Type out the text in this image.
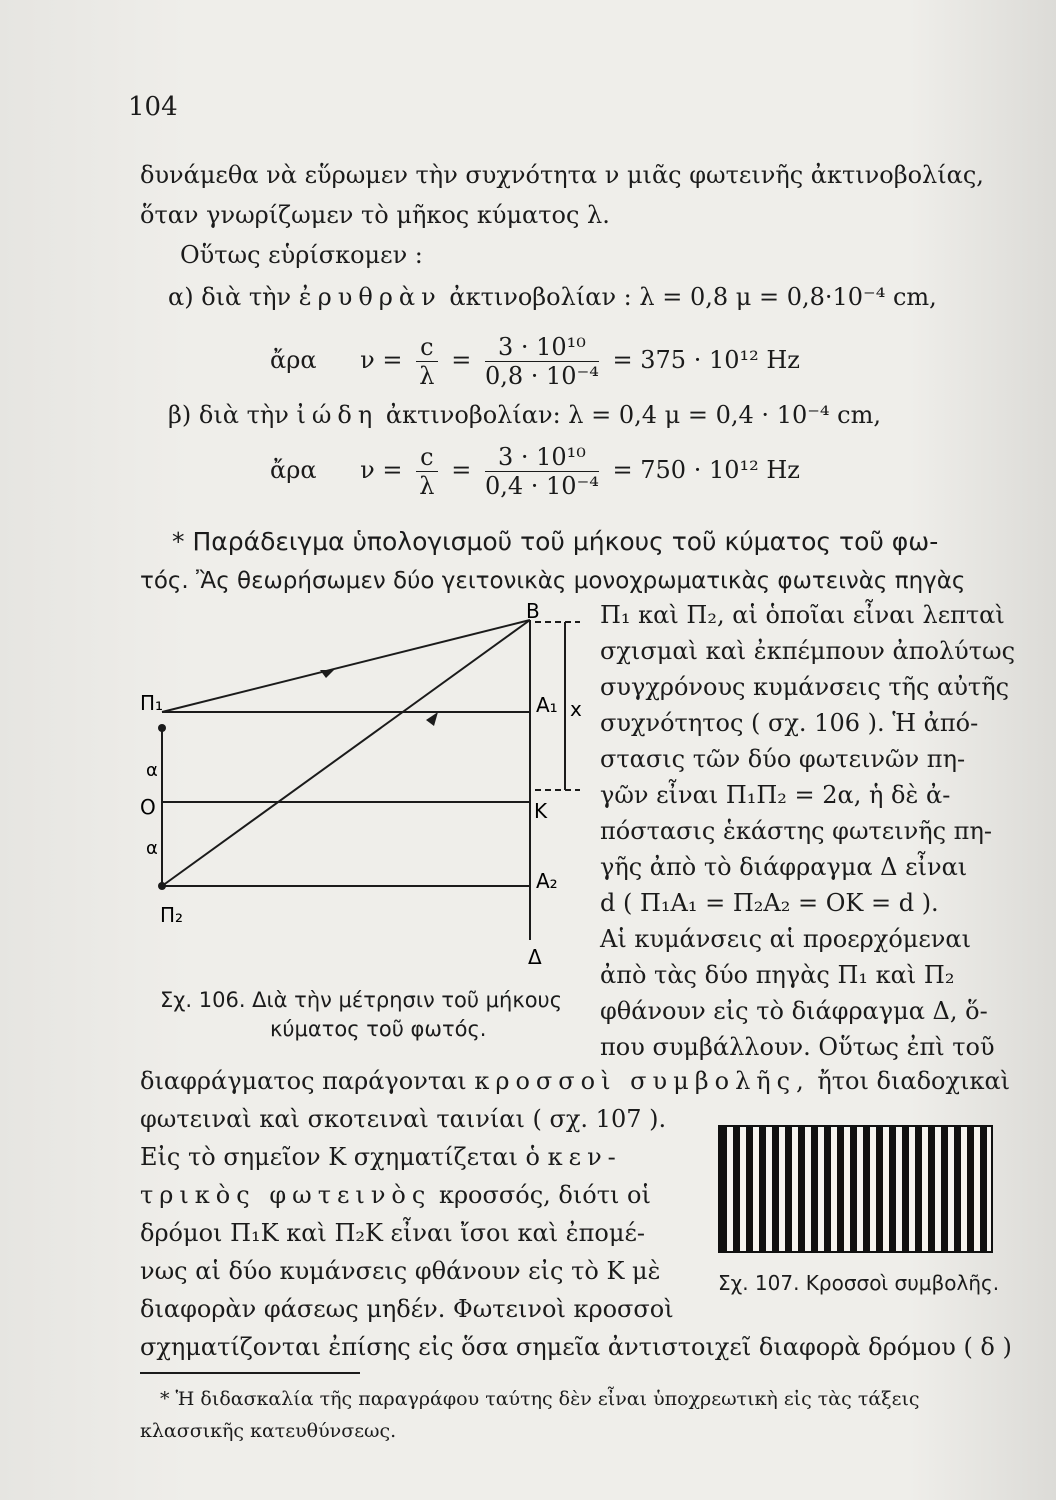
104
δυνάμεθα νὰ εὕρωμεν τὴν συχνότητα ν μιᾶς φωτεινῆς ἀκτινοβολίας,
ὅταν γνωρίζωμεν τὸ μῆκος κύματος λ.
Οὕτως εὑρίσκομεν :
α) διὰ τὴν ἐρυθρὰν ἀκτινοβολίαν : λ = 0,8 μ = 0,8·10⁻⁴ cm,
ἄρα $\nu = \frac{c}{\lambda} = \frac{\text{3 · 10¹⁰}}{\text{0,8 · 10⁻⁴}} = 375 \cdot 10^{12}$ Hz
β) διὰ τὴν ἰώδη ἀκτινοβολίαν: λ = 0,4 μ = 0,4 · 10⁻⁴ cm,
ἄρα $\nu = \frac{c}{\lambda} = \frac{\text{3 · 10¹⁰}}{\text{0,4 · 10⁻⁴}} = 750 \cdot 10^{12}$ Hz
* Παράδειγμα ὑπολογισμοῦ τοῦ μήκους τοῦ κύματος τοῦ φω-
τός. Ἂς θεωρήσωμεν δύο γειτονικὰς μονοχρωματικὰς φωτεινὰς πηγὰς
Π₁ καὶ Π₂, αἱ ὁποῖαι εἶναι λεπταὶ
σχισμαὶ καὶ ἐκπέμπουν ἀπολύτως
συγχρόνους κυμάνσεις τῆς αὐτῆς
συχνότητος ( σχ. 106 ). Ἡ ἀπό-
στασις τῶν δύο φωτεινῶν πη-
γῶν εἶναι Π₁Π₂ = 2α, ἡ δὲ ἀ-
πόστασις ἑκάστης φωτεινῆς πη-
γῆς ἀπὸ τὸ διάφραγμα Δ εἶναι
d ( Π₁Α₁ = Π₂Α₂ = ΟΚ = d ).
Αἱ κυμάνσεις αἱ προερχόμεναι
ἀπὸ τὰς δύο πηγὰς Π₁ καὶ Π₂
φθάνουν εἰς τὸ διάφραγμα Δ, ὅ-
που συμβάλλουν. Οὕτως ἐπὶ τοῦ
Β
Α₁ x
Κ
Α₂
Δ
Π₁
α
Ο
α
Π₂
Σχ. 106. Διὰ τὴν μέτρησιν τοῦ μήκους
κύματος τοῦ φωτός.
διαφράγματος παράγονται κροσσοὶ συμβολῆς, ἤτοι διαδοχικαὶ
φωτειναὶ καὶ σκοτειναὶ ταινίαι ( σχ. 107 ).
Εἰς τὸ σημεῖον Κ σχηματίζεται ὁ κεν-
τρικὸς φωτεινὸς κροσσός, διότι οἱ
δρόμοι Π₁Κ καὶ Π₂Κ εἶναι ἴσοι καὶ ἐπομέ-
νως αἱ δύο κυμάνσεις φθάνουν εἰς τὸ Κ μὲ
διαφορὰν φάσεως μηδέν. Φωτεινοὶ κροσσοὶ
σχηματίζονται ἐπίσης εἰς ὅσα σημεῖα ἀντιστοιχεῖ διαφορὰ δρόμου ( δ )
Σχ. 107. Κροσσοὶ συμβολῆς.
* Ἡ διδασκαλία τῆς παραγράφου ταύτης δὲν εἶναι ὑποχρεωτικὴ εἰς τὰς τάξεις
κλασσικῆς κατευθύνσεως.
